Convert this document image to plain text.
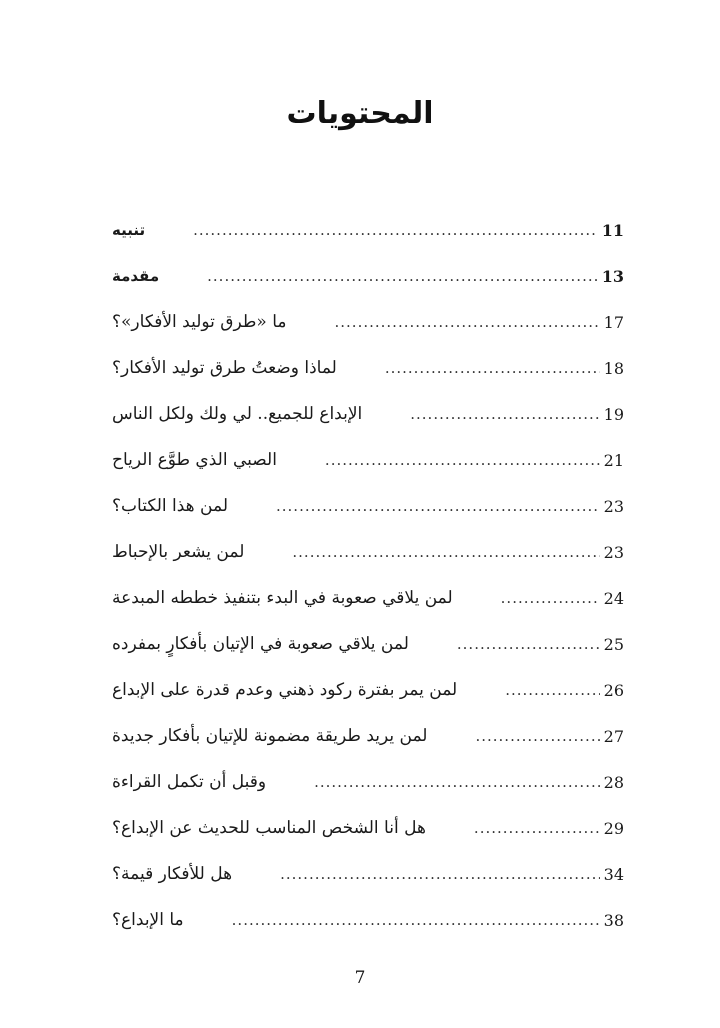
المحتويات
تنبيه .....	11
مقدمة .....	13
ما «طرق توليد الأفكار»؟ .....	17
لماذا وضعتُ طرق توليد الأفكار؟ .....	18
الإبداع للجميع.. لي ولك ولكل الناس .....	19
الصبي الذي طوَّع الرياح .....	21
لمن هذا الكتاب؟ .....	23
لمن يشعر بالإحباط .....	23
لمن يلاقي صعوبة في البدء بتنفيذ خططه المبدعة .....	24
لمن يلاقي صعوبة في الإتيان بأفكارٍ بمفرده .....	25
لمن يمر بفترة ركود ذهني وعدم قدرة على الإبداع .....	26
لمن يريد طريقة مضمونة للإتيان بأفكار جديدة .....	27
وقبل أن تكمل القراءة .....	28
هل أنا الشخص المناسب للحديث عن الإبداع؟ .....	29
هل للأفكار قيمة؟ .....	34
ما الإبداع؟ .....	38
7
